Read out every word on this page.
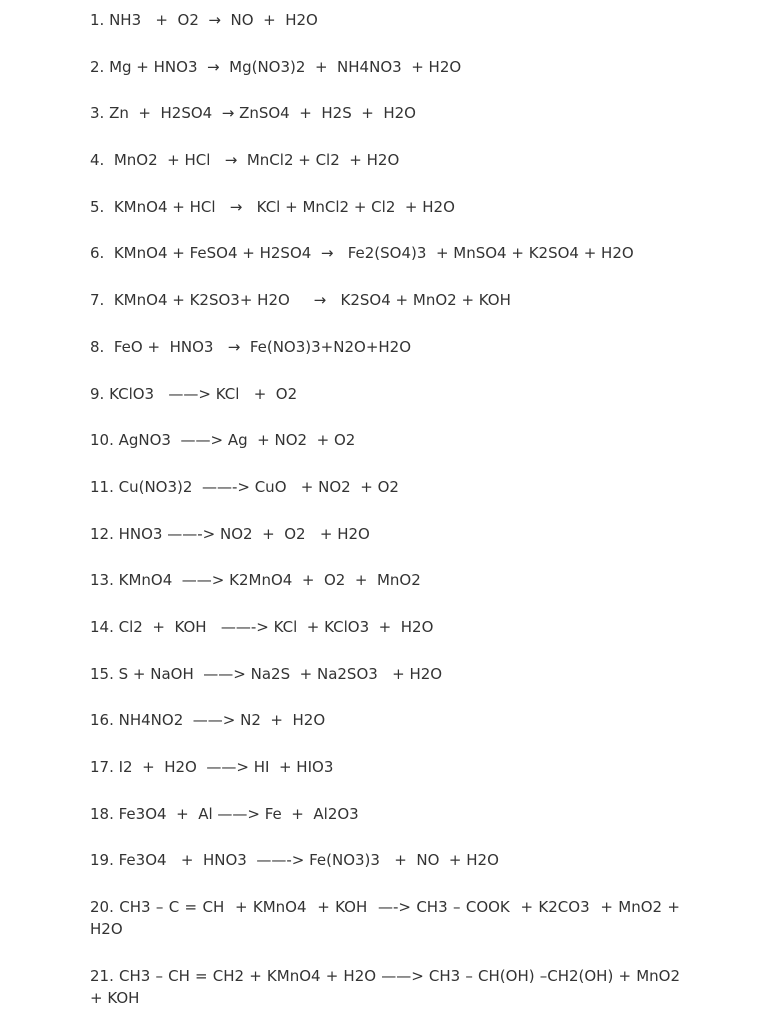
1. NH3   +  O2  →  NO  +  H2O
2. Mg + HNO3  →  Mg(NO3)2  +  NH4NO3  + H2O
3. Zn  +  H2SO4  → ZnSO4  +  H2S  +  H2O
4.  MnO2  + HCl   →  MnCl2 + Cl2  + H2O
5.  KMnO4 + HCl   →   KCl + MnCl2 + Cl2  + H2O
6.  KMnO4 + FeSO4 + H2SO4  →   Fe2(SO4)3  + MnSO4 + K2SO4 + H2O
7.  KMnO4 + K2SO3+ H2O     →   K2SO4 + MnO2 + KOH
8.  FeO +  HNO3   →  Fe(NO3)3+N2O+H2O
9. KClO3   ——> KCl   +  O2
10. AgNO3  ——> Ag  + NO2  + O2
11. Cu(NO3)2  ——-> CuO   + NO2  + O2
12. HNO3 ——-> NO2  +  O2   + H2O
13. KMnO4  ——> K2MnO4  +  O2  +  MnO2
14. Cl2  +  KOH   ——-> KCl  + KClO3  +  H2O
15. S + NaOH  ——> Na2S  + Na2SO3   + H2O
16. NH4NO2  ——> N2  +  H2O
17. I2  +  H2O  ——> HI  + HIO3
18. Fe3O4  +  Al ——> Fe  +  Al2O3
19. Fe3O4   +  HNO3  ——-> Fe(NO3)3   +  NO  + H2O
20. CH3 – C = CH  + KMnO4  + KOH  —-> CH3 – COOK  + K2CO3  + MnO2 + H2O
21. CH3 – CH = CH2 + KMnO4 + H2O ——> CH3 – CH(OH) –CH2(OH) + MnO2 + KOH
